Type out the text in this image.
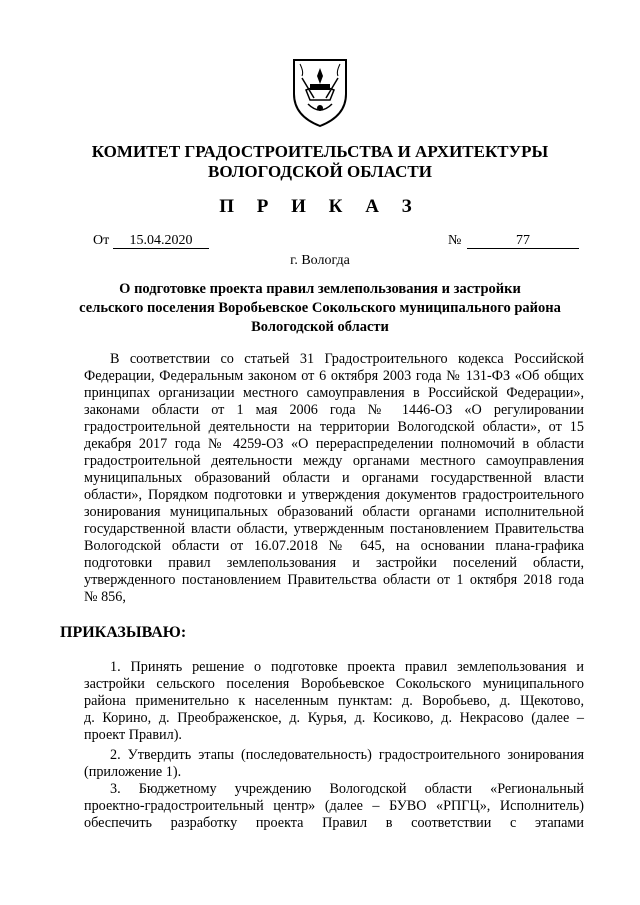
КОМИТЕТ ГРАДОСТРОИТЕЛЬСТВА И АРХИТЕКТУРЫ
ВОЛОГОДСКОЙ ОБЛАСТИ
П Р И К А З
От	15.04.2020	№	77
г. Вологда
О подготовке проекта правил землепользования и застройки
сельского поселения Воробьевское Сокольского муниципального района
Вологодской области
В соответствии со статьей 31 Градостроительного кодекса Российской
Федерации, Федеральным законом от 6 октября 2003 года № 131-ФЗ «Об общих
принципах организации местного самоуправления в Российской Федерации»,
законами области от 1 мая 2006 года № 1446-ОЗ «О регулировании
градостроительной деятельности на территории Вологодской области», от 15
декабря 2017 года № 4259-ОЗ «О перераспределении полномочий в области
градостроительной деятельности между органами местного самоуправления
муниципальных образований области и органами государственной власти
области», Порядком подготовки и утверждения документов градостроительного
зонирования муниципальных образований области органами исполнительной
государственной власти области, утвержденным постановлением Правительства
Вологодской области от 16.07.2018 № 645, на основании плана-графика
подготовки правил землепользования и застройки поселений области,
утвержденного постановлением Правительства области от 1 октября 2018 года
№ 856,
ПРИКАЗЫВАЮ:
1. Принять решение о подготовке проекта правил землепользования и
застройки сельского поселения Воробьевское Сокольского муниципального
района применительно к населенным пунктам: д. Воробьево, д. Щекотово,
д. Корино, д. Преображенское, д. Курья, д. Косиково, д. Некрасово (далее –
проект Правил).
2. Утвердить этапы (последовательность) градостроительного зонирования
(приложение 1).
3. Бюджетному учреждению Вологодской области «Региональный
проектно-градостроительный центр» (далее – БУВО «РПГЦ», Исполнитель)
обеспечить разработку проекта Правил в соответствии с этапами
